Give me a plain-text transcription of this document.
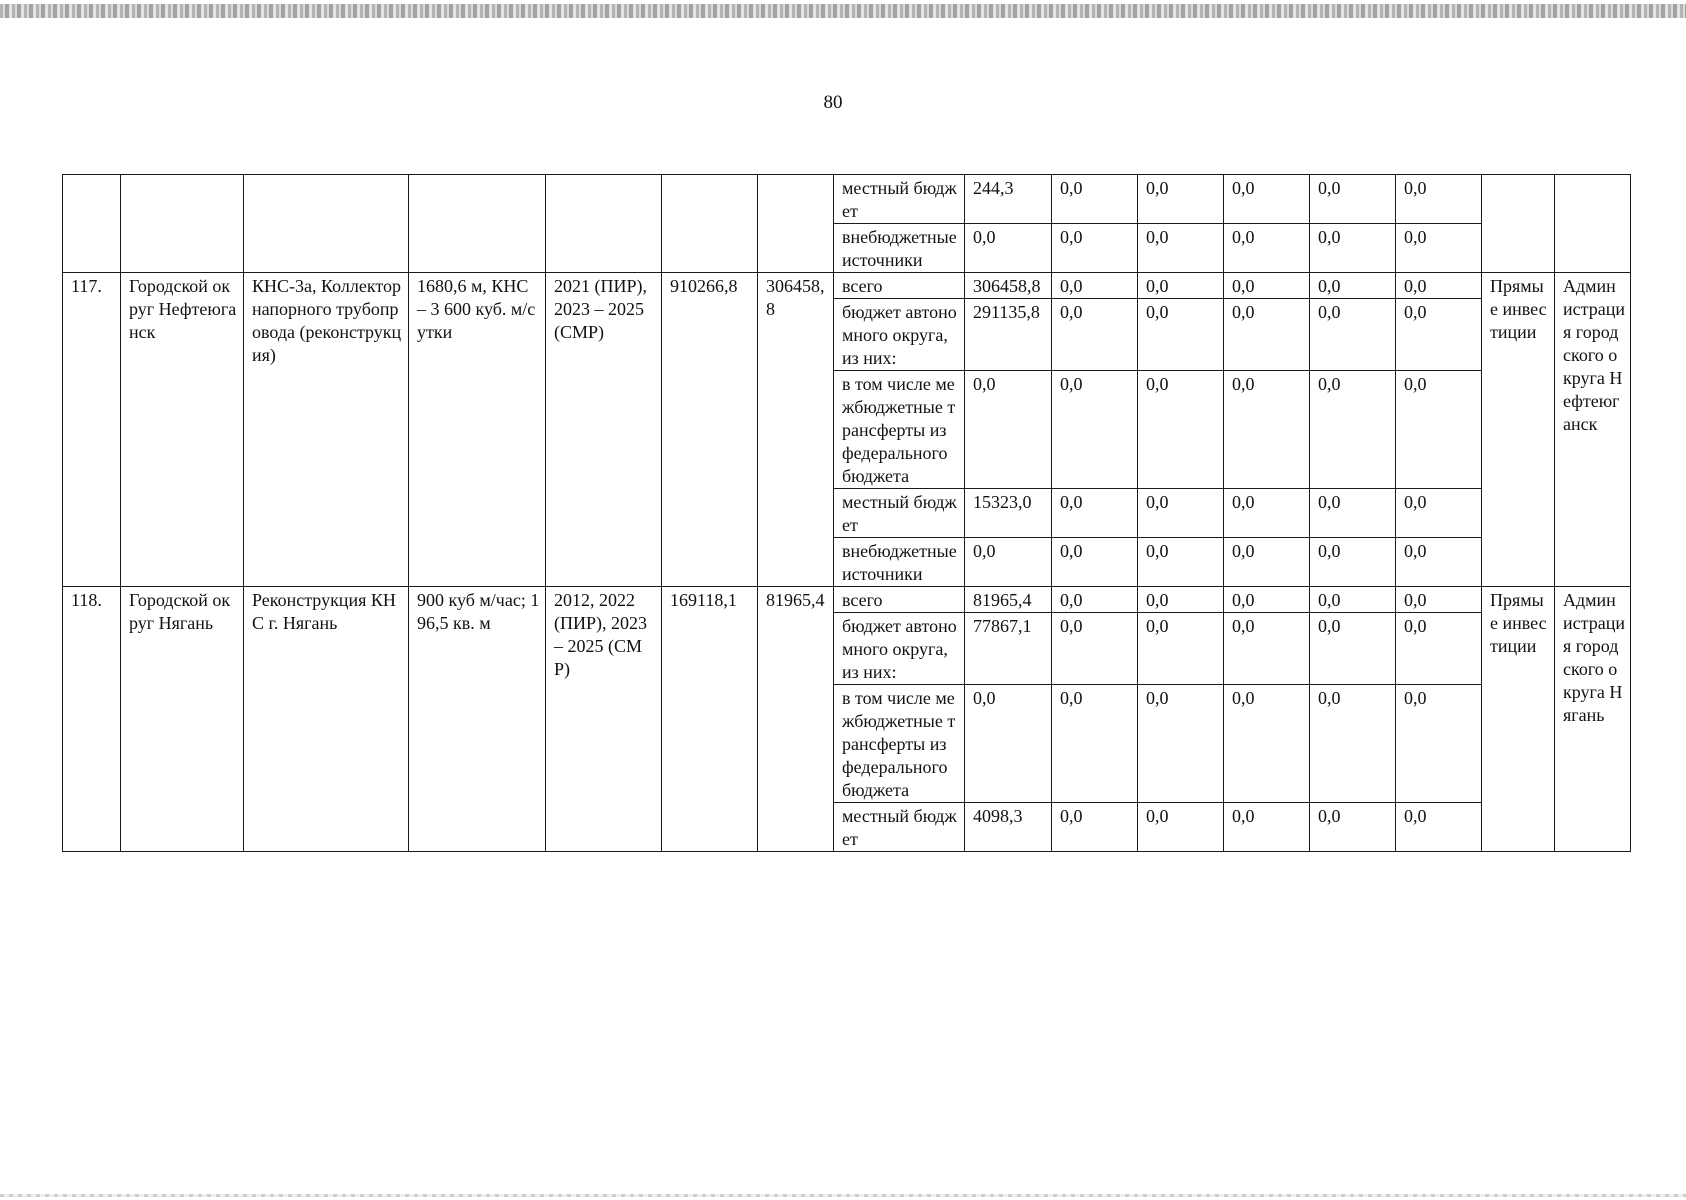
80
							местный бюджет	244,3	0,0	0,0	0,0	0,0	0,0		
							внебюджетные источники	0,0	0,0	0,0	0,0	0,0	0,0		
117.	Городской округ Нефтеюганск	КНС-3а, Коллектор напорного трубопровода (реконструкция)	1680,6 м, КНС – 3 600 куб. м/сутки	2021 (ПИР), 2023 – 2025 (СМР)	910266,8	306458,8	всего	306458,8	0,0	0,0	0,0	0,0	0,0	Прямые инвестиции	Администрация городского округа Нефтеюганск
							бюджет автономного округа, из них:	291135,8	0,0	0,0	0,0	0,0	0,0		
							в том числе межбюджетные трансферты из федерального бюджета	0,0	0,0	0,0	0,0	0,0	0,0		
							местный бюджет	15323,0	0,0	0,0	0,0	0,0	0,0		
							внебюджетные источники	0,0	0,0	0,0	0,0	0,0	0,0		
118.	Городской округ Нягань	Реконструкция КНС г. Нягань	900 куб м/час; 196,5 кв. м	2012, 2022 (ПИР), 2023 – 2025 (СМР)	169118,1	81965,4	всего	81965,4	0,0	0,0	0,0	0,0	0,0	Прямые инвестиции	Администрация городского округа Нягань
							бюджет автономного округа, из них:	77867,1	0,0	0,0	0,0	0,0	0,0		
							в том числе межбюджетные трансферты из федерального бюджета	0,0	0,0	0,0	0,0	0,0	0,0		
							местный бюджет	4098,3	0,0	0,0	0,0	0,0	0,0		
